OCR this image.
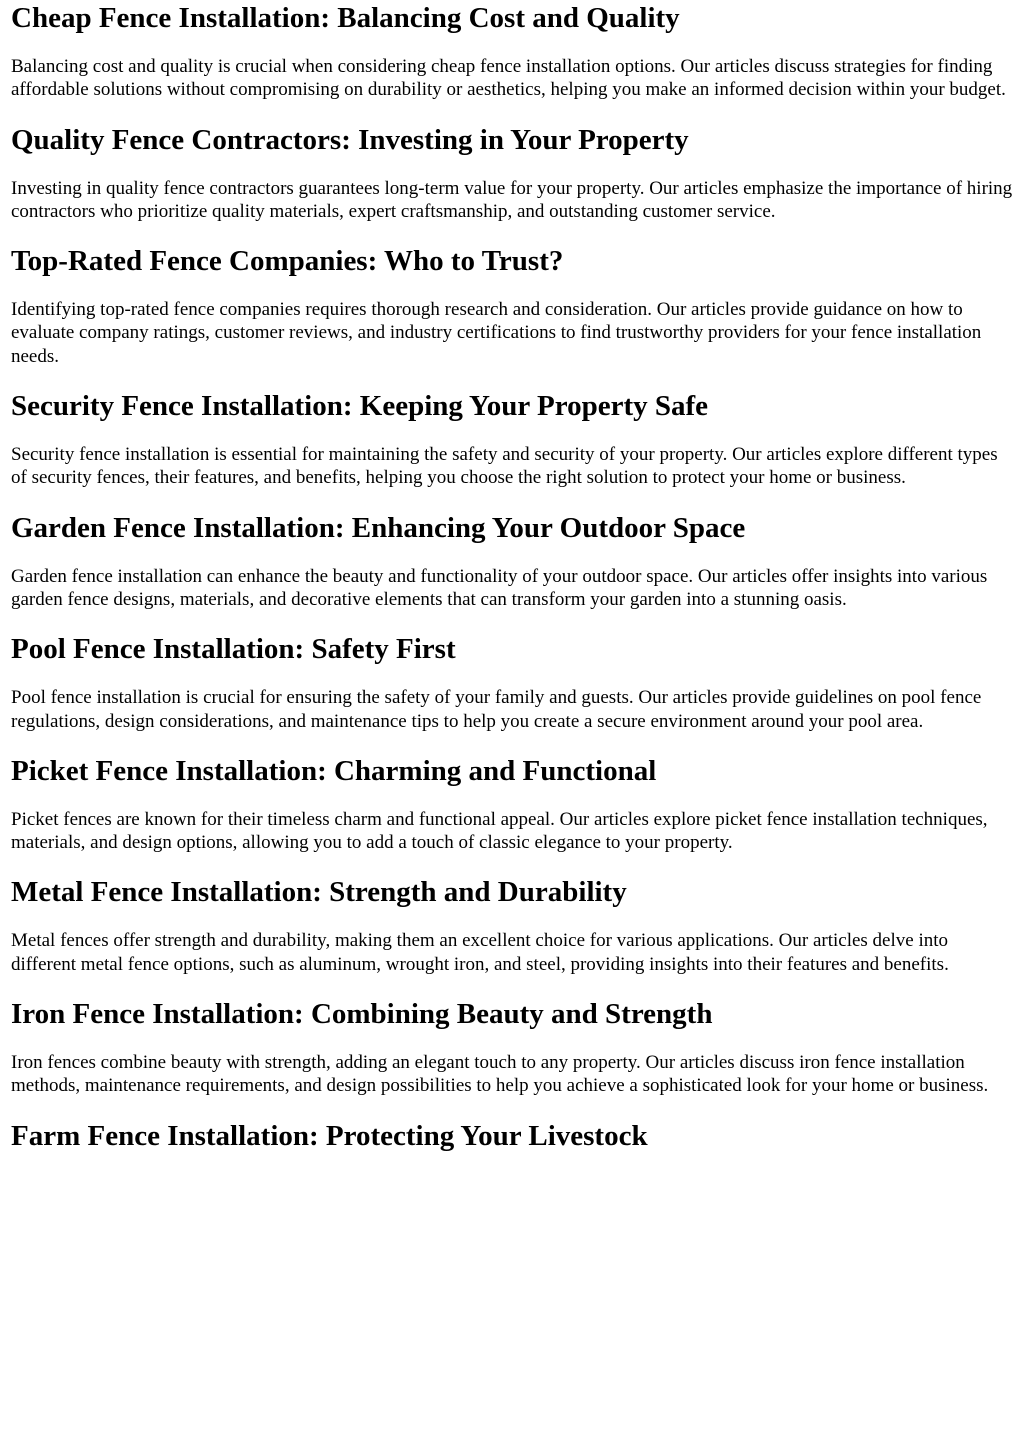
Cheap Fence Installation: Balancing Cost and Quality

Balancing cost and quality is crucial when considering cheap fence installation options. Our articles discuss strategies for finding affordable solutions without compromising on durability or aesthetics, helping you make an informed decision within your budget.

Quality Fence Contractors: Investing in Your Property

Investing in quality fence contractors guarantees long-term value for your property. Our articles emphasize the importance of hiring contractors who prioritize quality materials, expert craftsmanship, and outstanding customer service.

Top-Rated Fence Companies: Who to Trust?

Identifying top-rated fence companies requires thorough research and consideration. Our articles provide guidance on how to evaluate company ratings, customer reviews, and industry certifications to find trustworthy providers for your fence installation needs.

Security Fence Installation: Keeping Your Property Safe

Security fence installation is essential for maintaining the safety and security of your property. Our articles explore different types of security fences, their features, and benefits, helping you choose the right solution to protect your home or business.

Garden Fence Installation: Enhancing Your Outdoor Space

Garden fence installation can enhance the beauty and functionality of your outdoor space. Our articles offer insights into various garden fence designs, materials, and decorative elements that can transform your garden into a stunning oasis.

Pool Fence Installation: Safety First

Pool fence installation is crucial for ensuring the safety of your family and guests. Our articles provide guidelines on pool fence regulations, design considerations, and maintenance tips to help you create a secure environment around your pool area.

Picket Fence Installation: Charming and Functional

Picket fences are known for their timeless charm and functional appeal. Our articles explore picket fence installation techniques, materials, and design options, allowing you to add a touch of classic elegance to your property.

Metal Fence Installation: Strength and Durability

Metal fences offer strength and durability, making them an excellent choice for various applications. Our articles delve into different metal fence options, such as aluminum, wrought iron, and steel, providing insights into their features and benefits.

Iron Fence Installation: Combining Beauty and Strength

Iron fences combine beauty with strength, adding an elegant touch to any property. Our articles discuss iron fence installation methods, maintenance requirements, and design possibilities to help you achieve a sophisticated look for your home or business.

Farm Fence Installation: Protecting Your Livestock
